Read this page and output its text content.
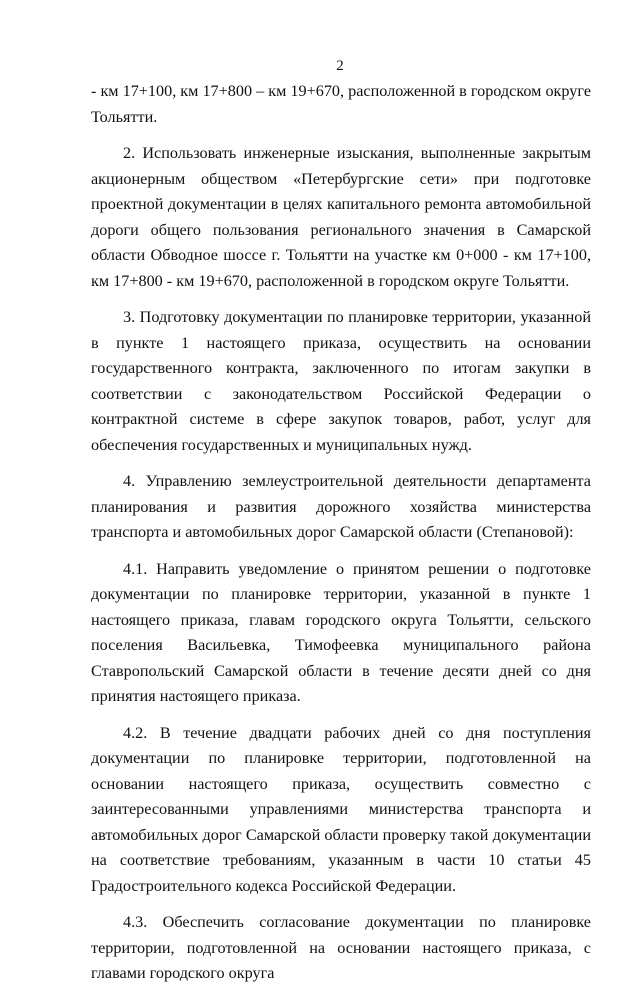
2

- км 17+100, км 17+800 – км 19+670, расположенной в городском округе Тольятти.

2. Использовать инженерные изыскания, выполненные закрытым акционерным обществом «Петербургские сети» при подготовке проектной документации в целях капитального ремонта автомобильной дороги общего пользования регионального значения в Самарской области Обводное шоссе г. Тольятти на участке км 0+000 - км 17+100, км 17+800 - км 19+670, расположенной в городском округе Тольятти.

3. Подготовку документации по планировке территории, указанной в пункте 1 настоящего приказа, осуществить на основании государственного контракта, заключенного по итогам закупки в соответствии с законодательством Российской Федерации о контрактной системе в сфере закупок товаров, работ, услуг для обеспечения государственных и муниципальных нужд.

4. Управлению землеустроительной деятельности департамента планирования и развития дорожного хозяйства министерства транспорта и автомобильных дорог Самарской области (Степановой):

4.1. Направить уведомление о принятом решении о подготовке документации по планировке территории, указанной в пункте 1 настоящего приказа, главам городского округа Тольятти, сельского поселения Васильевка, Тимофеевка муниципального района Ставропольский Самарской области в течение десяти дней со дня принятия настоящего приказа.

4.2. В течение двадцати рабочих дней со дня поступления документации по планировке территории, подготовленной на основании настоящего приказа, осуществить совместно с заинтересованными управлениями министерства транспорта и автомобильных дорог Самарской области проверку такой документации на соответствие требованиям, указанным в части 10 статьи 45 Градостроительного кодекса Российской Федерации.

4.3. Обеспечить согласование документации по планировке территории, подготовленной на основании настоящего приказа, с главами городского округа
